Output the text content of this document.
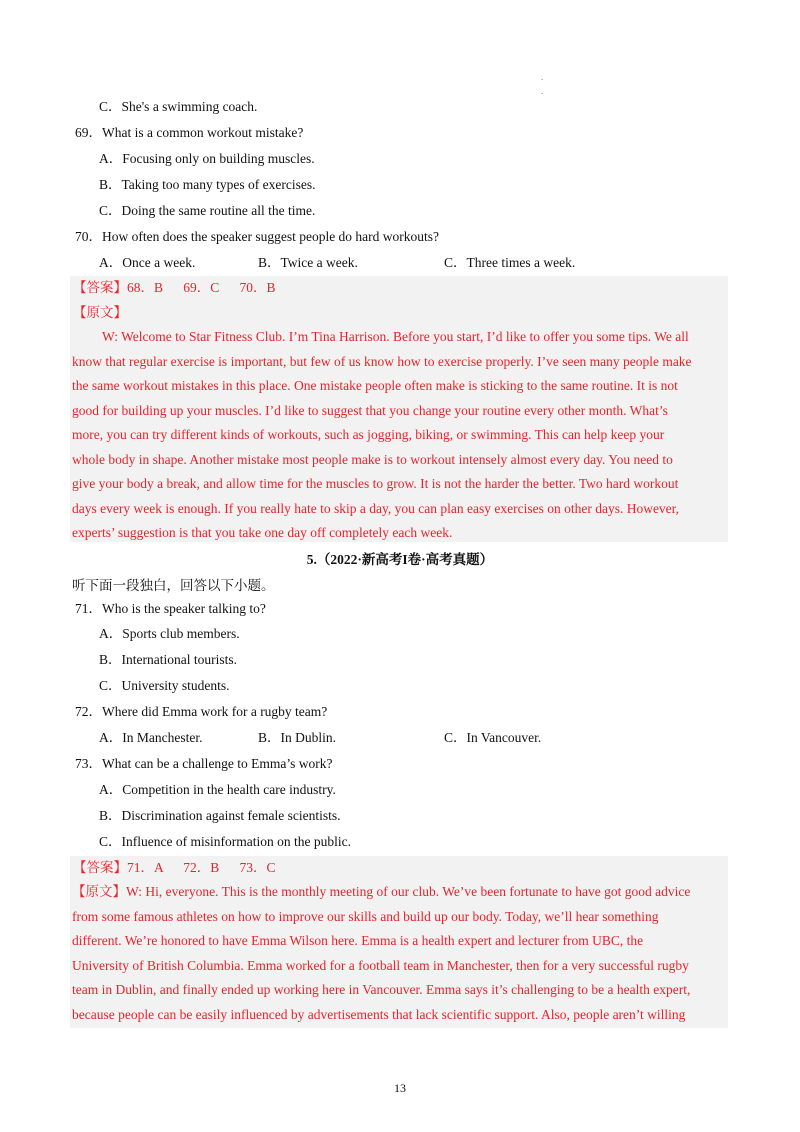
.
.
C．She's a swimming coach.
69．What is a common workout mistake?
A．Focusing only on building muscles.
B．Taking too many types of exercises.
C．Doing the same routine all the time.
70．How often does the speaker suggest people do hard workouts?
A．Once a week.	B．Twice a week.	C．Three times a week.
【答案】68．B      69．C      70．B
【原文】
W: Welcome to Star Fitness Club. I’m Tina Harrison. Before you start, I’d like to offer you some tips. We all
know that regular exercise is important, but few of us know how to exercise properly. I’ve seen many people make
the same workout mistakes in this place. One mistake people often make is sticking to the same routine. It is not
good for building up your muscles. I’d like to suggest that you change your routine every other month. What’s
more, you can try different kinds of workouts, such as jogging, biking, or swimming. This can help keep your
whole body in shape. Another mistake most people make is to workout intensely almost every day. You need to
give your body a break, and allow time for the muscles to grow. It is not the harder the better. Two hard workout
days every week is enough. If you really hate to skip a day, you can plan easy exercises on other days. However,
experts’ suggestion is that you take one day off completely each week.
5.（2022·新高考I卷·高考真题）
听下面一段独白，回答以下小题。
71．Who is the speaker talking to?
A．Sports club members.
B．International tourists.
C．University students.
72．Where did Emma work for a rugby team?
A．In Manchester.	B．In Dublin.	C．In Vancouver.
73．What can be a challenge to Emma’s work?
A．Competition in the health care industry.
B．Discrimination against female scientists.
C．Influence of misinformation on the public.
【答案】71．A      72．B      73．C
【原文】W: Hi, everyone. This is the monthly meeting of our club. We’ve been fortunate to have got good advice
from some famous athletes on how to improve our skills and build up our body. Today, we’ll hear something
different. We’re honored to have Emma Wilson here. Emma is a health expert and lecturer from UBC, the
University of British Columbia. Emma worked for a football team in Manchester, then for a very successful rugby
team in Dublin, and finally ended up working here in Vancouver. Emma says it’s challenging to be a health expert,
because people can be easily influenced by advertisements that lack scientific support. Also, people aren’t willing
13
